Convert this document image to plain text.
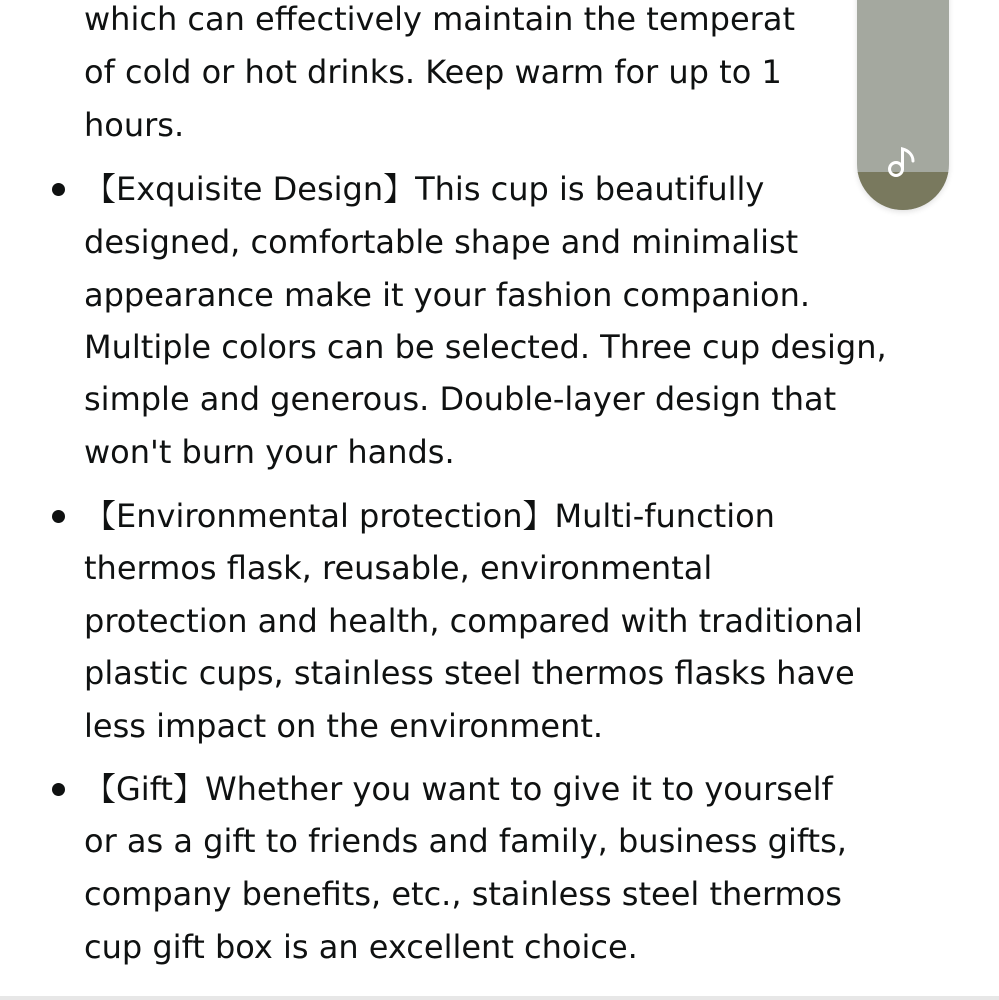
which can effectively maintain the temperat
of cold or hot drinks. Keep warm for up to 1
hours.
【Exquisite Design】This cup is beautifully
designed, comfortable shape and minimalist
appearance make it your fashion companion.
Multiple colors can be selected. Three cup design,
simple and generous. Double-layer design that
won't burn your hands.
【Environmental protection】Multi-function
thermos flask, reusable, environmental
protection and health, compared with traditional
plastic cups, stainless steel thermos flasks have
less impact on the environment.
【Gift】Whether you want to give it to yourself
or as a gift to friends and family, business gifts,
company benefits, etc., stainless steel thermos
cup gift box is an excellent choice.
